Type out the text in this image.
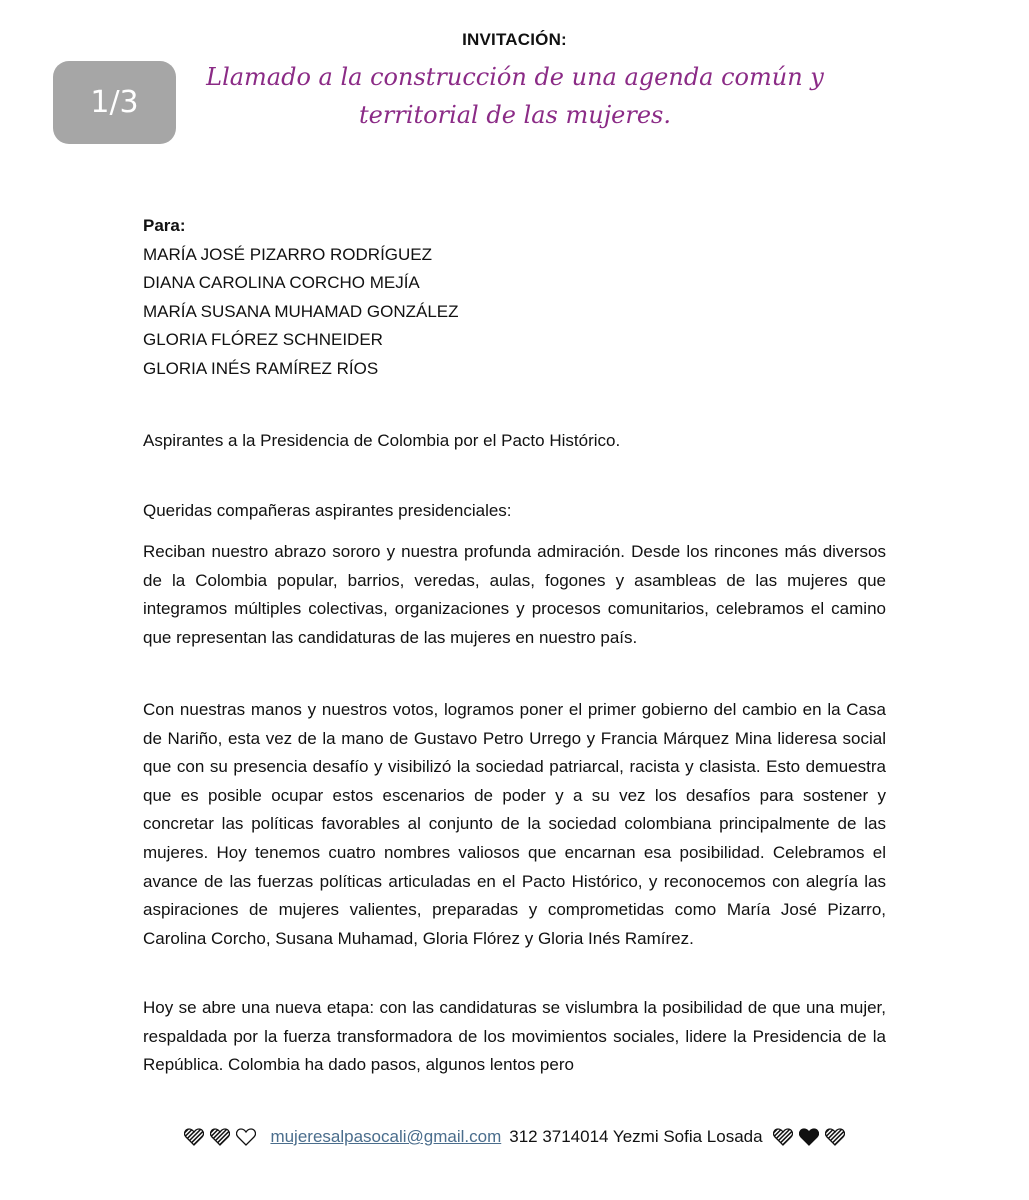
1/3
INVITACIÓN:
Llamado a la construcción de una agenda común y territorial de las mujeres.
Para:
MARÍA JOSÉ PIZARRO RODRÍGUEZ
DIANA CAROLINA CORCHO MEJÍA
MARÍA SUSANA MUHAMAD GONZÁLEZ
GLORIA FLÓREZ SCHNEIDER
GLORIA INÉS RAMÍREZ RÍOS
Aspirantes a la Presidencia de Colombia por el Pacto Histórico.
Queridas compañeras aspirantes presidenciales:
Reciban nuestro abrazo sororo y nuestra profunda admiración. Desde los rincones más diversos de la Colombia popular, barrios, veredas, aulas, fogones y asambleas de las mujeres que integramos múltiples colectivas, organizaciones y procesos comunitarios, celebramos el camino que representan las candidaturas de las mujeres en nuestro país.
Con nuestras manos y nuestros votos, logramos poner el primer gobierno del cambio en la Casa de Nariño, esta vez de la mano de Gustavo Petro Urrego y Francia Márquez Mina lideresa social que con su presencia desafío y visibilizó la sociedad patriarcal, racista y clasista. Esto demuestra que es posible ocupar estos escenarios de poder y a su vez los desafíos para sostener y concretar las políticas favorables al conjunto de la sociedad colombiana principalmente de las mujeres. Hoy tenemos cuatro nombres valiosos que encarnan esa posibilidad. Celebramos el avance de las fuerzas políticas articuladas en el Pacto Histórico, y reconocemos con alegría las aspiraciones de mujeres valientes, preparadas y comprometidas como María José Pizarro, Carolina Corcho, Susana Muhamad, Gloria Flórez y Gloria Inés Ramírez.
Hoy se abre una nueva etapa: con las candidaturas se vislumbra la posibilidad de que una mujer, respaldada por la fuerza transformadora de los movimientos sociales, lidere la Presidencia de la República. Colombia ha dado pasos, algunos lentos pero
mujeresalpasocali@gmail.com 312 3714014 Yezmi Sofia Losada
